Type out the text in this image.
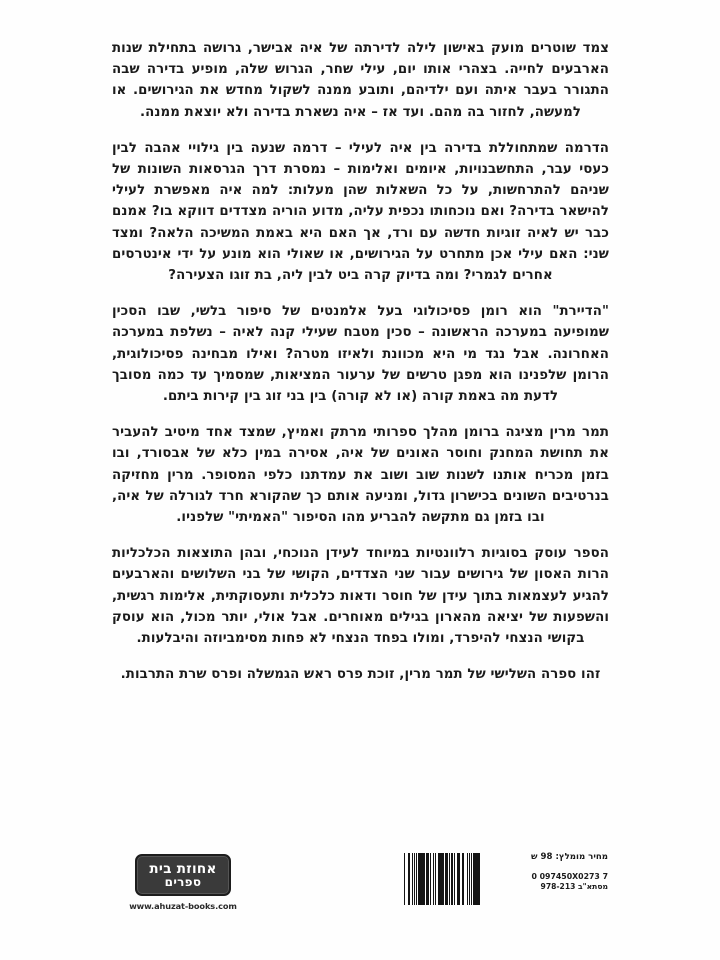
צמד שוטרים מועק באישון לילה לדירתה של איה אבישר, גרושה בתחילת שנות הארבעים לחייה. בצהרי אותו יום, עילי שחר, הגרוש שלה, מופיע בדירה שבה התגורר בעבר איתה ועם ילדיהם, ותובע ממנה לשקול מחדש את הגירושים. או למעשה, לחזור בה מהם. ועד אז – איה נשארת בדירה ולא יוצאת ממנה.

הדרמה שמתחוללת בדירה בין איה לעילי – דרמה שנעה בין גילויי אהבה לבין כעסי עבר, התחשבנויות, איומים ואלימות – נמסרת דרך הגרסאות השונות של שניהם להתרחשות, על כל השאלות שהן מעלות: למה איה מאפשרת לעילי להישאר בדירה? ואם נוכחותו נכפית עליה, מדוע הוריה מצדדים דווקא בו? אמנם כבר יש לאיה זוגיות חדשה עם ורד, אך האם היא באמת המשיכה הלאה? ומצד שני: האם עילי אכן מתחרט על הגירושים, או שאולי הוא מונע על ידי אינטרסים אחרים לגמרי? ומה בדיוק קרה ביט לבין ליה, בת זוגו הצעירה?

"הדיירת" הוא רומן פסיכולוגי בעל אלמנטים של סיפור בלשי, שבו הסכין שמופיעה במערכה הראשונה – סכין מטבח שעילי קנה לאיה – נשלפת במערכה האחרונה. אבל נגד מי היא מכוונת ולאיזו מטרה? ואילו מבחינה פסיכולוגית, הרומן שלפנינו הוא מפגן טרשים של ערעור המציאות, שמסמיך עד כמה מסובך לדעת מה באמת קורה (או לא קורה) בין בני זוג בין קירות ביתם.

תמר מרין מציגה ברומן מהלך ספרותי מרתק ואמיץ, שמצד אחד מיטיב להעביר את תחושת המחנק וחוסר האונים של איה, אסירה במין כלא של אבסורד, ובו בזמן מכריח אותנו לשנות שוב ושוב את עמדתנו כלפי המסופר. מרין מחזיקה בנרטיבים השונים בכישרון גדול, ומניעה אותם כך שהקורא חרד לגורלה של איה, ובו בזמן גם מתקשה להבריע מהו הסיפור "האמיתי" שלפניו.

הספר עוסק בסוגיות רלוונטיות במיוחד לעידן הנוכחי, ובהן התוצאות הכלכליות הרות האסון של גירושים עבור שני הצדדים, הקושי של בני השלושים והארבעים להגיע לעצמאות בתוך עידן של חוסר ודאות כלכלית ותעסוקתית, אלימות רגשית, והשפעות של יציאה מהארון בגילים מאוחרים. אבל אולי, יותר מכול, הוא עוסק בקושי הנצחי להיפרד, ומולו בפחד הנצחי לא פחות מסימביוזה והיבלעות.

זהו ספרה השלישי של תמר מרין, זוכת פרס ראש הגמשלה ופרס שרת התרבות.

אחוזת בית
ספרים
www.ahuzat-books.com
מחיר מומלץ: 98 ש
0 097450X0273 7
מסתא"ב 978-213
